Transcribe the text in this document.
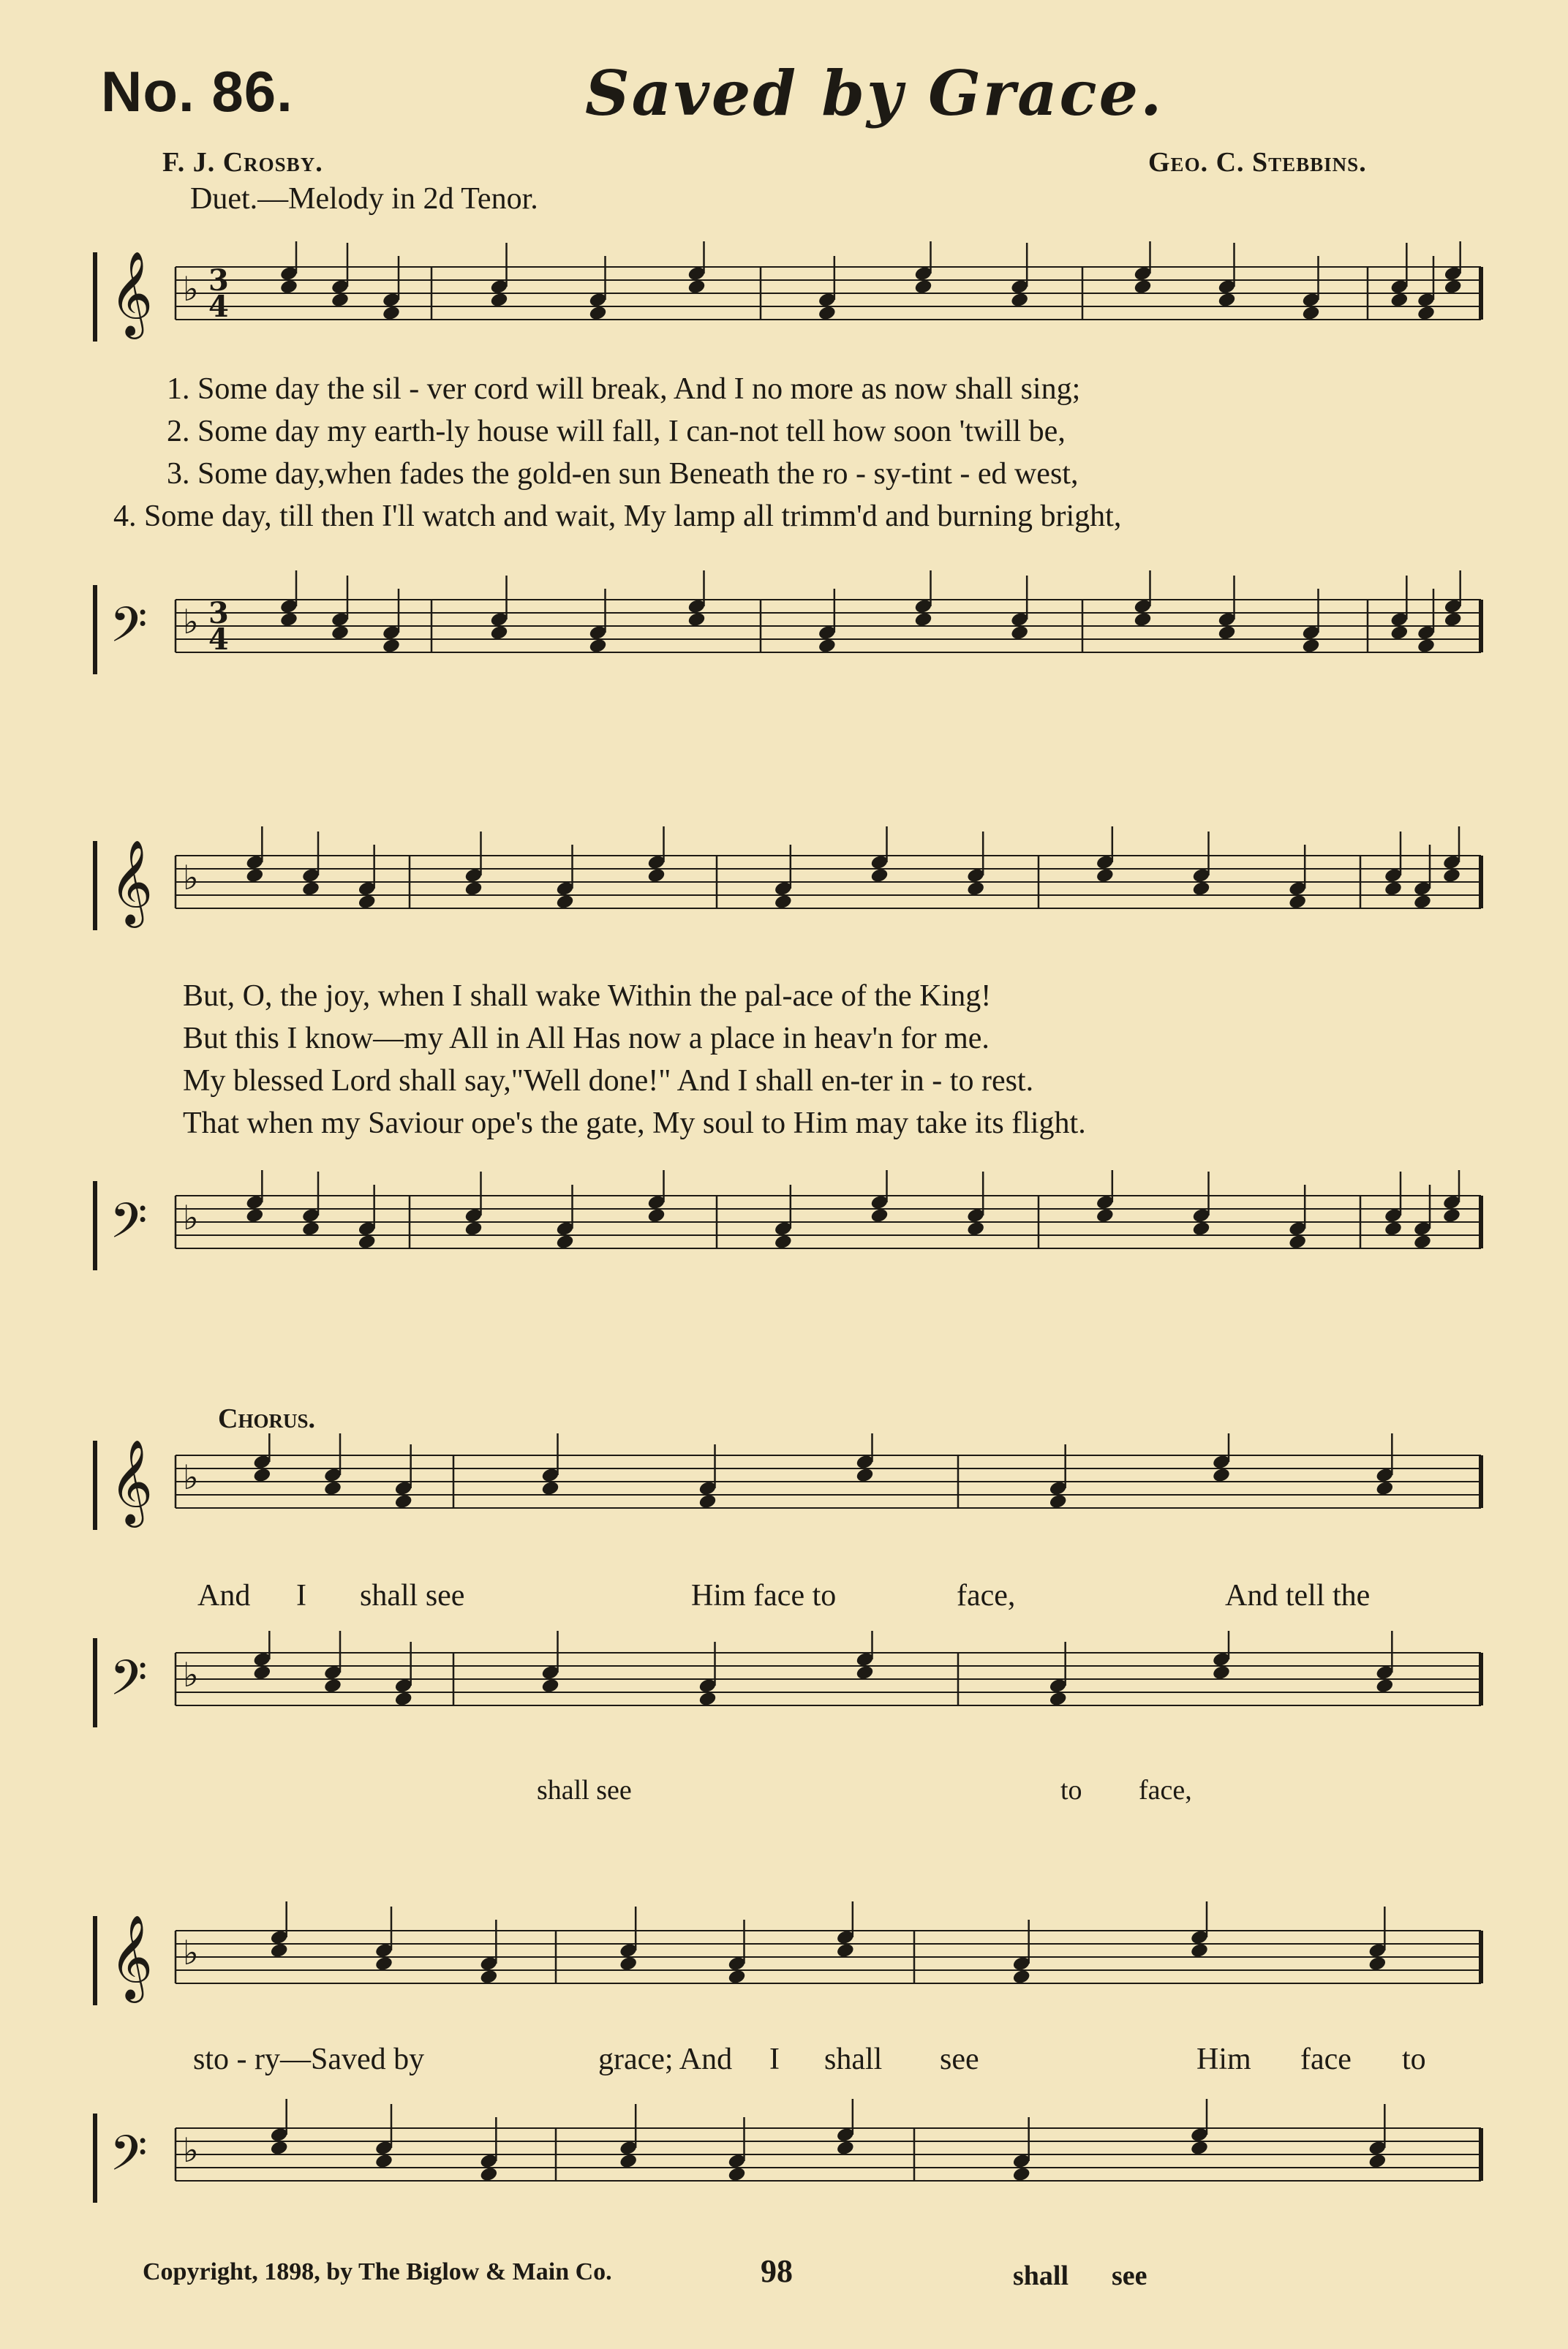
No. 86.	Saved by Grace.
F. J. Crosby.	Geo. C. Stebbins.
Duet.—Melody in 2d Tenor.
𝄞 ♭ 3
4
1. Some day the sil - ver cord will break, And I no more as now shall sing;
2. Some day my earth-ly house will fall, I can-not tell how soon 'twill be,
3. Some day,when fades the gold-en sun Beneath the ro - sy-tint - ed west,
4. Some day, till then I'll watch and wait, My lamp all trimm'd and burning bright,
𝄢 ♭ 3
4
𝄞 ♭
But, O, the joy, when I shall wake Within the pal-ace of the King!
But this I know—my All in All Has now a place in heav'n for me.
My blessed Lord shall say,"Well done!" And I shall en-ter in - to rest.
That when my Saviour ope's the gate, My soul to Him may take its flight.
𝄢 ♭
Chorus.
𝄞 ♭
And I shall see	Him face to	face,	And tell the
𝄢 ♭
shall see	to face,
𝄞 ♭
sto - ry—Saved by	grace; And I shall see	Him face to
𝄢 ♭
Copyright, 1898, by The Biglow & Main Co.	98	shall see
